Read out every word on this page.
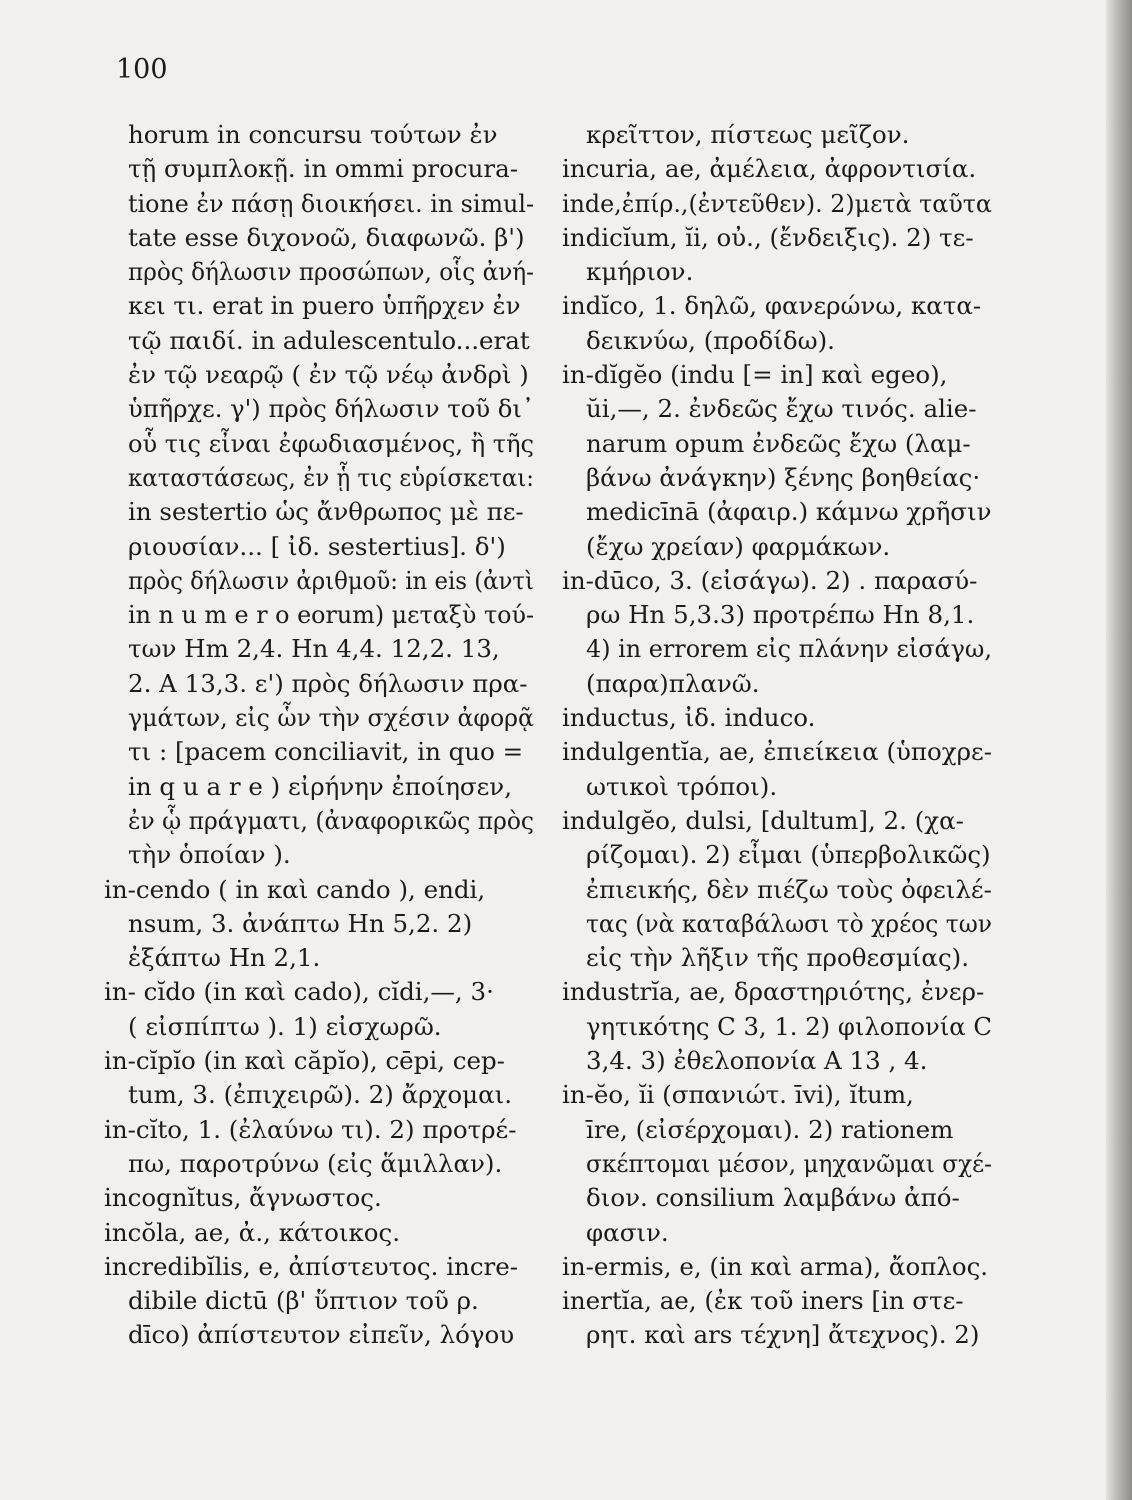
100
horum in concursu τούτων ἐν
τῇ συμπλοκῇ. in ommi procura-
tione ἐν πάσῃ διοικήσει. in simul-
tate esse διχονοῶ, διαφωνῶ. β')
πρὸς δήλωσιν προσώπων, οἷς ἀνή-
κει τι. erat in puero ὑπῆρχεν ἐν
τῷ παιδί. in adulescentulo...erat
ἐν τῷ νεαρῷ ( ἐν τῷ νέῳ ἀνδρὶ )
ὑπῆρχε. γ') πρὸς δήλωσιν τοῦ δι᾽
οὗ τις εἶναι ἐφωδιασμένος, ἢ τῆς
καταστάσεως, ἐν ᾗ τις εὑρίσκεται:
in sestertio ὡς ἄνθρωπος μὲ πε-
ριουσίαν... [ ἰδ. sestertius]. δ')
πρὸς δήλωσιν ἀριθμοῦ: in eis (ἀντὶ
in n u m e r o eorum) μεταξὺ τού-
των Hm 2,4. Hn 4,4. 12,2. 13,
2. A 13,3. ε') πρὸς δήλωσιν πρα-
γμάτων, εἰς ὧν τὴν σχέσιν ἀφορᾷ
τι : [pacem conciliavit, in quo =
in q u a r e ) εἰρήνην ἐποίησεν,
ἐν ᾧ πράγματι, (ἀναφορικῶς πρὸς
τὴν ὁποίαν ).
in-cendo ( in καὶ cando ), endi,
nsum, 3. ἀνάπτω Hn 5,2. 2)
ἐξάπτω Hn 2,1.
in- cĭdo (in καὶ cado), cĭdi,—, 3·
( εἰσπίπτω ). 1) εἰσχωρῶ.
in-cĭpĭo (in καὶ căpĭo), cēpi, cep-
tum, 3. (ἐπιχειρῶ). 2) ἄρχομαι.
in-cĭto, 1. (ἐλαύνω τι). 2) προτρέ-
πω, παροτρύνω (εἰς ἅμιλλαν).
incognĭtus, ἄγνωστος.
incŏla, ae, ἀ., κάτοικος.
incredibĭlis, e, ἀπίστευτος. incre-
dibile dictū (β' ὕπτιον τοῦ ρ.
dīco) ἀπίστευτον εἰπεῖν, λόγου
κρεῖττον, πίστεως μεῖζον.
incuria, ae, ἀμέλεια, ἀφροντισία.
inde,ἐπίρ.,(ἐντεῦθεν). 2)μετὰ ταῦτα
indicĭum, ĭi, οὐ., (ἔνδειξις). 2) τε-
κμήριον.
indĭco, 1. δηλῶ, φανερώνω, κατα-
δεικνύω, (προδίδω).
in-dĭgĕo (indu [= in] καὶ egeo),
ŭi,—, 2. ἐνδεῶς ἔχω τινός. alie-
narum opum ἐνδεῶς ἔχω (λαμ-
βάνω ἀνάγκην) ξένης βοηθείας·
medicīnā (ἀφαιρ.) κάμνω χρῆσιν
(ἔχω χρείαν) φαρμάκων.
in-dūco, 3. (εἰσάγω). 2) . παρασύ-
ρω Hn 5,3.3) προτρέπω Hn 8,1.
4) in errorem εἰς πλάνην εἰσάγω,
(παρα)πλανῶ.
inductus, ἰδ. induco.
indulgentĭa, ae, ἐπιείκεια (ὑποχρε-
ωτικοὶ τρόποι).
indulgĕo, dulsi, [dultum], 2. (χα-
ρίζομαι). 2) εἶμαι (ὑπερβολικῶς)
ἐπιεικής, δὲν πιέζω τοὺς ὀφειλέ-
τας (νὰ καταβάλωσι τὸ χρέος των
εἰς τὴν λῆξιν τῆς προθεσμίας).
industrĭa, ae, δραστηριότης, ἐνερ-
γητικότης C 3, 1. 2) φιλοπονία C
3,4. 3) ἐθελοπονία A 13 , 4.
in-ĕo, ĭi (σπανιώτ. īvi), ĭtum,
īre, (εἰσέρχομαι). 2) rationem
σκέπτομαι μέσον, μηχανῶμαι σχέ-
διον. consilium λαμβάνω ἀπό-
φασιν.
in-ermis, e, (in καὶ arma), ἄοπλος.
inertĭa, ae, (ἐκ τοῦ iners [in στε-
ρητ. καὶ ars τέχνη] ἄτεχνος). 2)
